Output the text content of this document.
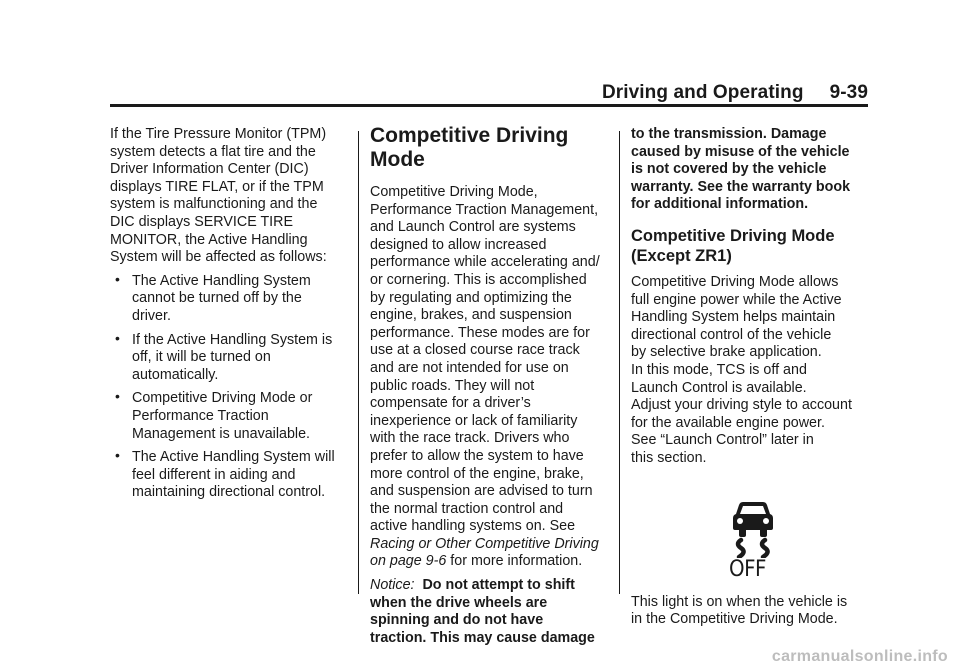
Driving and Operating 9-39

If the Tire Pressure Monitor (TPM)
system detects a flat tire and the
Driver Information Center (DIC)
displays TIRE FLAT, or if the TPM
system is malfunctioning and the
DIC displays SERVICE TIRE
MONITOR, the Active Handling
System will be affected as follows:

• The Active Handling System
cannot be turned off by the
driver.
• If the Active Handling System is
off, it will be turned on
automatically.
• Competitive Driving Mode or
Performance Traction
Management is unavailable.
• The Active Handling System will
feel different in aiding and
maintaining directional control.
Competitive Driving Mode

Competitive Driving Mode,
Performance Traction Management,
and Launch Control are systems
designed to allow increased
performance while accelerating and/
or cornering. This is accomplished
by regulating and optimizing the
engine, brakes, and suspension
performance. These modes are for
use at a closed course race track
and are not intended for use on
public roads. They will not
compensate for a driver’s
inexperience or lack of familiarity
with the race track. Drivers who
prefer to allow the system to have
more control of the engine, brake,
and suspension are advised to turn
the normal traction control and
active handling systems on. See
Racing or Other Competitive Driving
on page 9-6 for more information.

Notice: Do not attempt to shift
when the drive wheels are
spinning and do not have
traction. This may cause damage

to the transmission. Damage
caused by misuse of the vehicle
is not covered by the vehicle
warranty. See the warranty book
for additional information.

Competitive Driving Mode
(Except ZR1)

Competitive Driving Mode allows
full engine power while the Active
Handling System helps maintain
directional control of the vehicle
by selective brake application.
In this mode, TCS is off and
Launch Control is available.
Adjust your driving style to account
for the available engine power.
See “Launch Control” later in
this section.

OFF

This light is on when the vehicle is
in the Competitive Driving Mode.

carmanualsonline.info
